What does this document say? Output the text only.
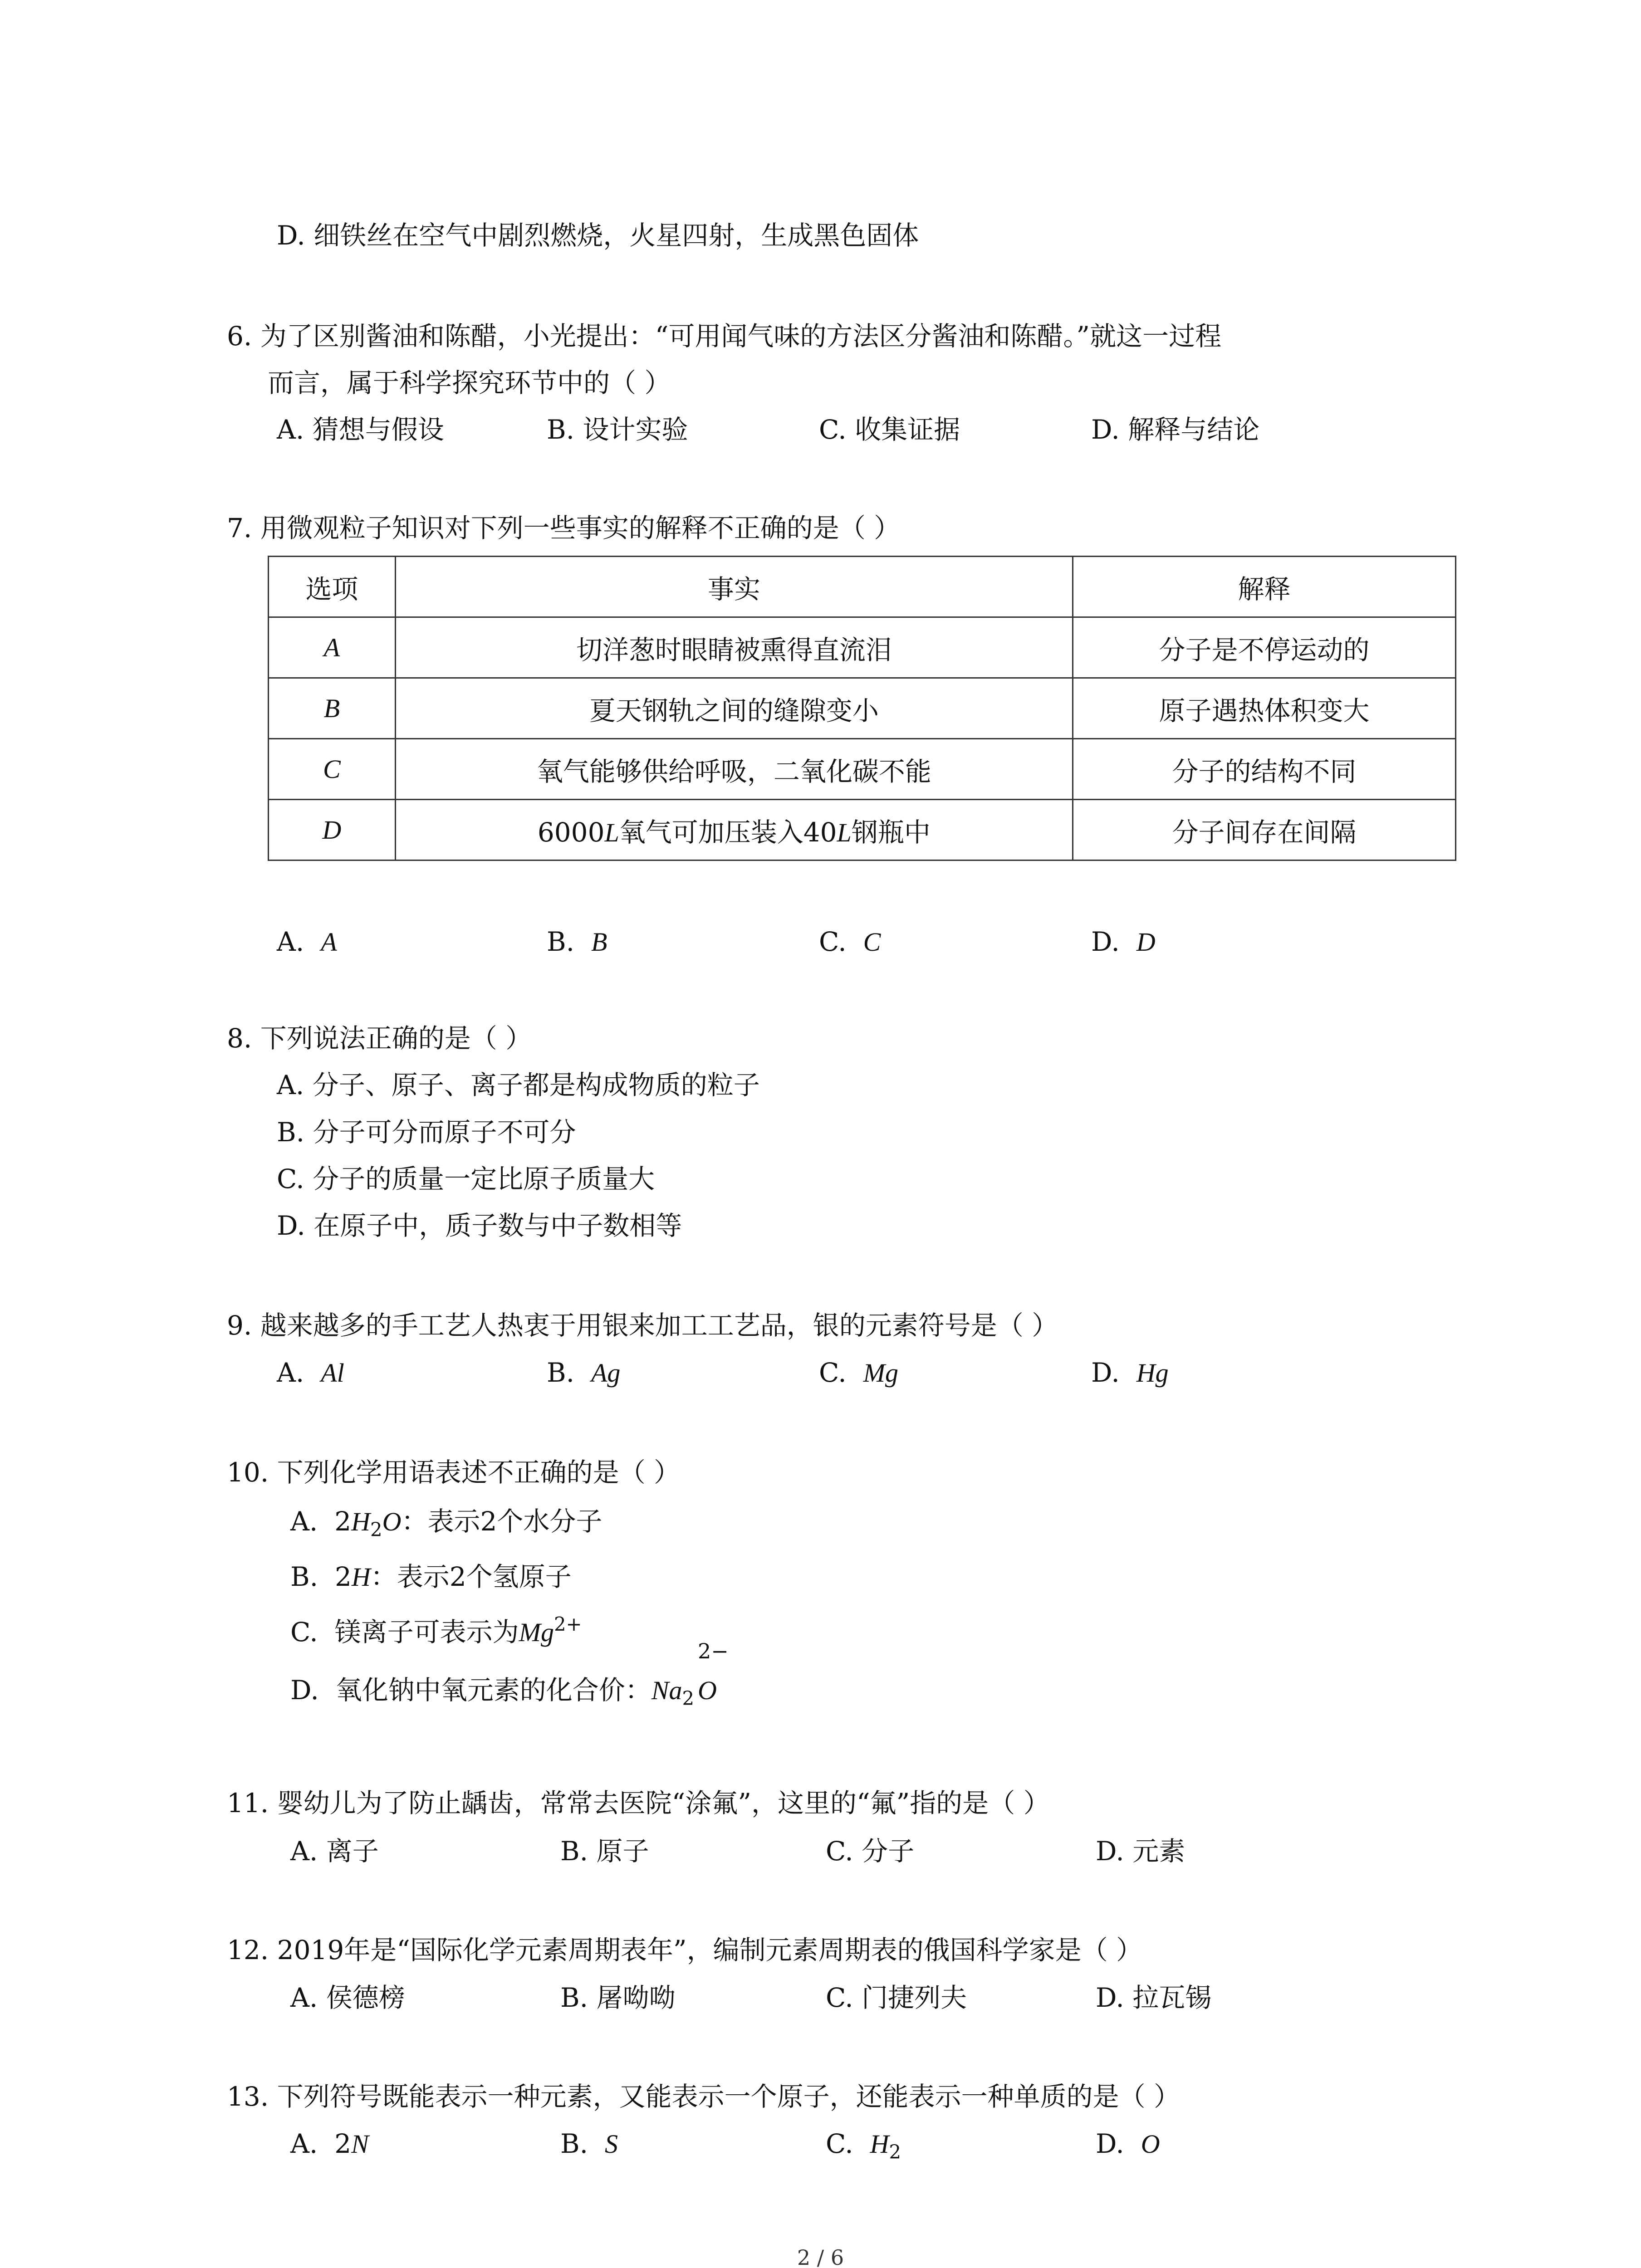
D. 细铁丝在空气中剧烈燃烧，火星四射，生成黑色固体
6. 为了区别酱油和陈醋，小光提出：“可用闻气味的方法区分酱油和陈醋。”就这一过程
而言，属于科学探究环节中的（ ）
A. 猜想与假设	B. 设计实验	C. 收集证据	D. 解释与结论
7. 用微观粒子知识对下列一些事实的解释不正确的是（ ）
选项	事实	解释
A	切洋葱时眼睛被熏得直流泪	分子是不停运动的
B	夏天钢轨之间的缝隙变小	原子遇热体积变大
C	氧气能够供给呼吸，二氧化碳不能	分子的结构不同
D	6000L氧气可加压装入40L钢瓶中	分子间存在间隔
A. A	B. B	C. C	D. D
8. 下列说法正确的是（ ）
A. 分子、原子、离子都是构成物质的粒子
B. 分子可分而原子不可分
C. 分子的质量一定比原子质量大
D. 在原子中，质子数与中子数相等
9. 越来越多的手工艺人热衷于用银来加工工艺品，银的元素符号是（ ）
A. Al	B. Ag	C. Mg	D. Hg
10. 下列化学用语表述不正确的是（ ）
A. $2H_2O$：表示2个水分子
B. 2H：表示2个氢原子
C. 镁离子可表示为$Mg^{2+}$
D. 氧化钠中氧元素的化合价：$Na_2$
2−
O
11. 婴幼儿为了防止龋齿，常常去医院“涂氟”，这里的“氟”指的是（ ）
A. 离子	B. 原子	C. 分子	D. 元素
12. 2019年是“国际化学元素周期表年”，编制元素周期表的俄国科学家是（ ）
A. 侯德榜	B. 屠呦呦	C. 门捷列夫	D. 拉瓦锡
13. 下列符号既能表示一种元素，又能表示一个原子，还能表示一种单质的是（ ）
A. 2N	B. S	C. $H_2$	D. O
2 / 6
